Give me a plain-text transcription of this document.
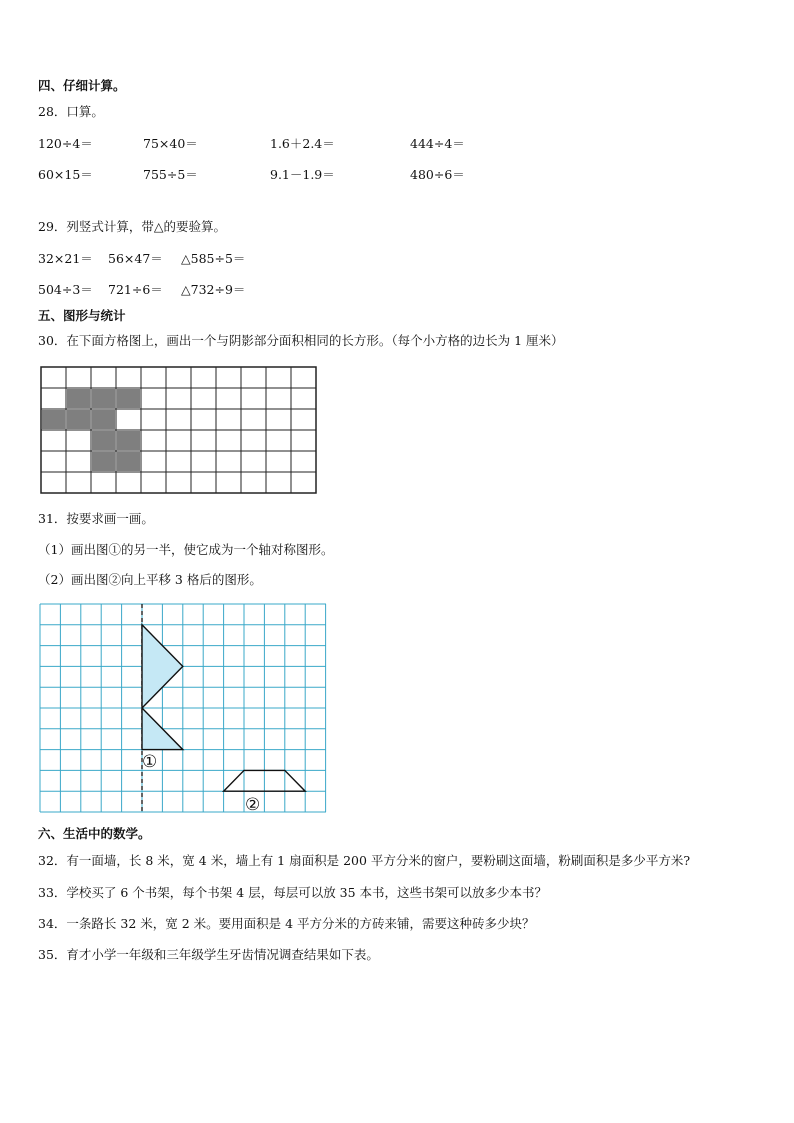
四、仔细计算。
28．口算。
120÷4＝	75×40＝	1.6＋2.4＝	444÷4＝
60×15＝	755÷5＝	9.1－1.9＝	480÷6＝
29．列竖式计算，带△的要验算。
32×21＝ 56×47＝ △585÷5＝
504÷3＝ 721÷6＝ △732÷9＝
五、图形与统计
30．在下面方格图上，画出一个与阴影部分面积相同的长方形。（每个小方格的边长为 1 厘米）
31．按要求画一画。
（1）画出图①的另一半，使它成为一个轴对称图形。
（2）画出图②向上平移 3 格后的图形。
①
②
六、生活中的数学。
32．有一面墙，长 8 米，宽 4 米，墙上有 1 扇面积是 200 平方分米的窗户，要粉刷这面墙，粉刷面积是多少平方米?
33．学校买了 6 个书架，每个书架 4 层，每层可以放 35 本书，这些书架可以放多少本书？
34．一条路长 32 米，宽 2 米。要用面积是 4 平方分米的方砖来铺，需要这种砖多少块？
35．育才小学一年级和三年级学生牙齿情况调查结果如下表。
